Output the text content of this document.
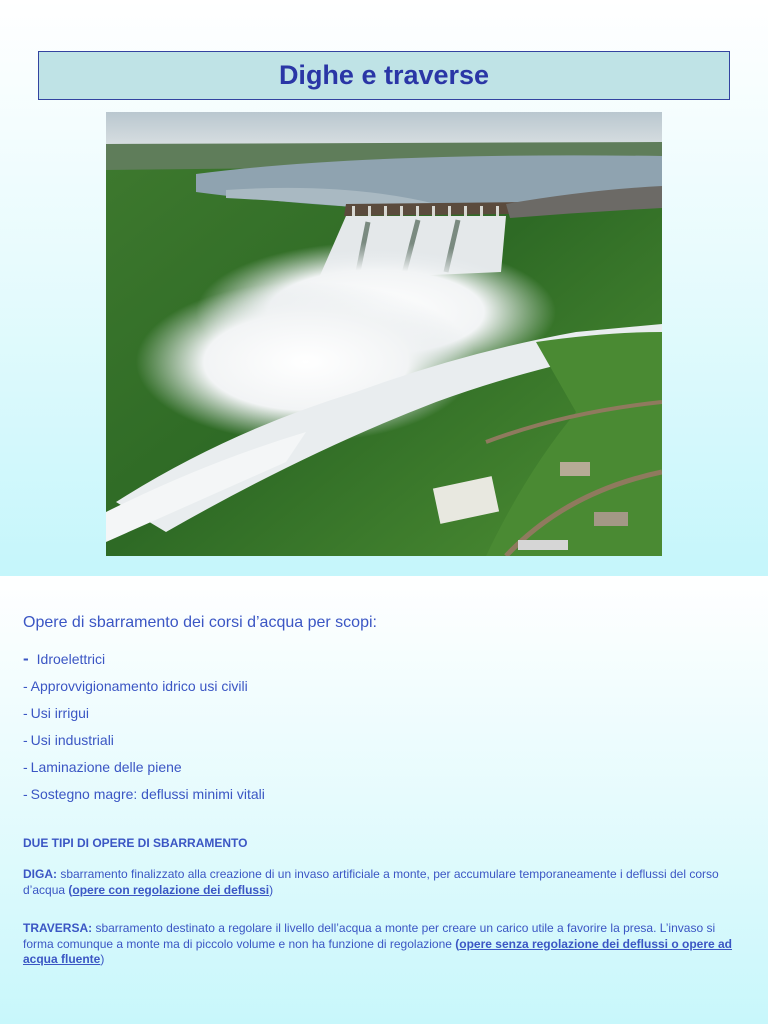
Dighe e traverse
Opere di sbarramento dei corsi d’acqua per scopi:
- Idroelettrici
- Approvvigionamento idrico usi civili
- Usi irrigui
- Usi industriali
- Laminazione delle piene
- Sostegno magre: deflussi minimi vitali
DUE TIPI DI OPERE DI SBARRAMENTO
DIGA: sbarramento finalizzato alla creazione di un invaso artificiale a monte, per accumulare temporaneamente i deflussi del corso d’acqua (opere con regolazione dei deflussi)
TRAVERSA: sbarramento destinato a regolare il livello dell’acqua a monte per creare un carico utile a favorire la presa. L’invaso si forma comunque a monte ma di piccolo volume e non ha funzione di regolazione (opere senza regolazione dei deflussi o opere ad acqua fluente)
